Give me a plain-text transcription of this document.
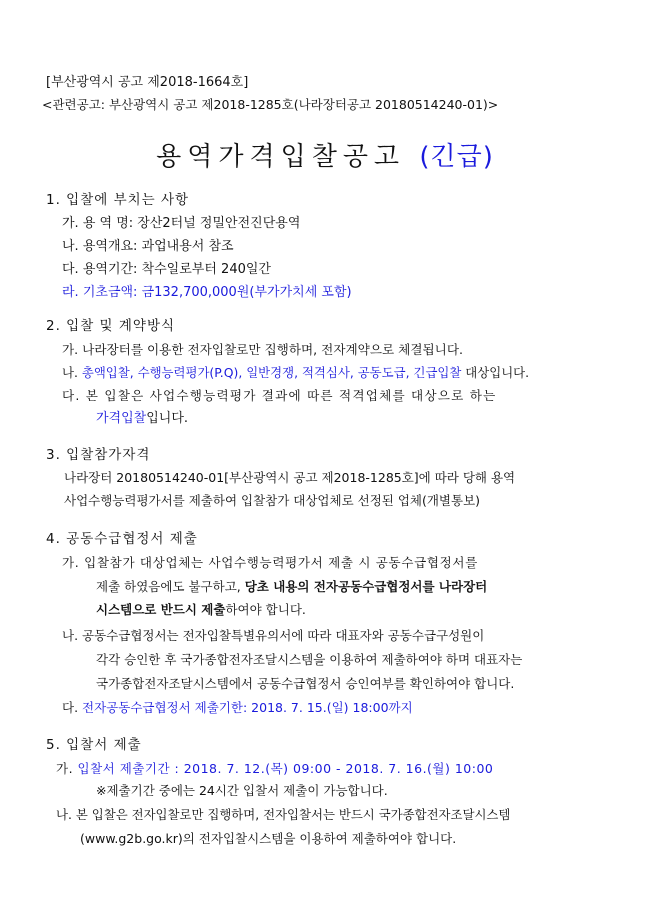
[부산광역시 공고 제2018-1664호]
<관련공고: 부산광역시 공고 제2018-1285호(나라장터공고 20180514240-01)>
용역가격입찰공고 (긴급)
1. 입찰에 부치는 사항
가. 용 역 명: 장산2터널 정밀안전진단용역
나. 용역개요: 과업내용서 참조
다. 용역기간: 착수일로부터 240일간
라. 기초금액: 금132,700,000원(부가가치세 포함)
2. 입찰 및 계약방식
가. 나라장터를 이용한 전자입찰로만 집행하며, 전자계약으로 체결됩니다.
나. 총액입찰, 수행능력평가(P.Q), 일반경쟁, 적격심사, 공동도급, 긴급입찰 대상입니다.
다. 본 입찰은 사업수행능력평가 결과에 따른 적격업체를 대상으로 하는
가격입찰입니다.
3. 입찰참가자격
나라장터 20180514240-01[부산광역시 공고 제2018-1285호]에 따라 당해 용역
사업수행능력평가서를 제출하여 입찰참가 대상업체로 선정된 업체(개별통보)
4. 공동수급협정서 제출
가. 입찰참가 대상업체는 사업수행능력평가서 제출 시 공동수급협정서를
제출 하였음에도 불구하고, 당초 내용의 전자공동수급협정서를 나라장터
시스템으로 반드시 제출하여야 합니다.
나. 공동수급협정서는 전자입찰특별유의서에 따라 대표자와 공동수급구성원이
각각 승인한 후 국가종합전자조달시스템을 이용하여 제출하여야 하며 대표자는
국가종합전자조달시스템에서 공동수급협정서 승인여부를 확인하여야 합니다.
다. 전자공동수급협정서 제출기한: 2018. 7. 15.(일) 18:00까지
5. 입찰서 제출
가. 입찰서 제출기간 : 2018. 7. 12.(목) 09:00 - 2018. 7. 16.(월) 10:00
※제출기간 중에는 24시간 입찰서 제출이 가능합니다.
나. 본 입찰은 전자입찰로만 집행하며, 전자입찰서는 반드시 국가종합전자조달시스템
(www.g2b.go.kr)의 전자입찰시스템을 이용하여 제출하여야 합니다.
